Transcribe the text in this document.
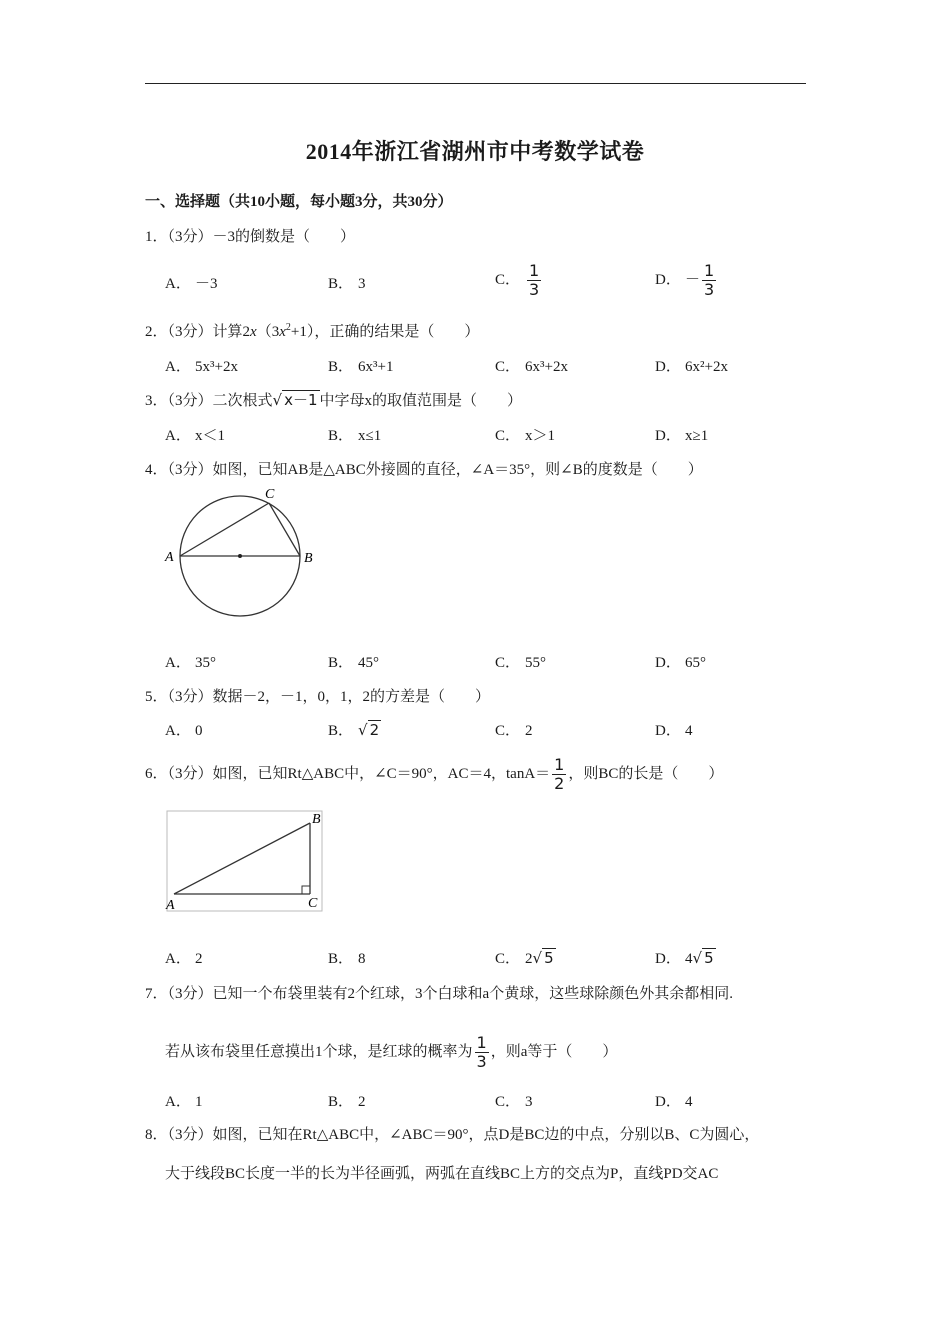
2014年浙江省湖州市中考数学试卷
一、选择题（共10小题，每小题3分，共30分）
1．（3分）－3的倒数是（　　）
A． －3	B． 3	C． $\frac{1}{3}$	D． － $\frac{1}{3}$
2．（3分）计算$2x(3x^2+1)$，正确的结果是（　　）
A． 5x³+2x	B． 6x³+1	C． 6x³+2x	D． 6x²+2x
3．（3分）二次根式√ x－1 中字母x的取值范围是（　　）
A． x＜1	B． x≤1	C． x＞1	D． x≥1
4．（3分）如图，已知AB是△ABC外接圆的直径，∠A＝35°，则∠B的度数是（　　）
A	B
C
A． 35°	B． 45°	C． 55°	D． 65°
5．（3分）数据－2，－1，0，1，2的方差是（　　）
A． 0	B． √ 2	C． 2	D． 4
6．（3分）如图，已知Rt△ABC中，∠C＝90°，AC＝4，$\tan A= \frac{1}{2}$ ，则BC的长是（　　）
A
B
C
A． 2	B． 8	C． 2√ 5	D． 4√ 5
7．（3分）已知一个布袋里装有2个红球，3个白球和a个黄球，这些球除颜色外其余都相同.
若从该布袋里任意摸出1个球，是红球的概率为 $\frac{1}{3}$ ，则a等于（　　）
A． 1	B． 2	C． 3	D． 4
8．（3分）如图，已知在Rt△ABC中，∠ABC＝90°，点D是BC边的中点，分别以B、C为圆心，
大于线段BC长度一半的长为半径画弧，两弧在直线BC上方的交点为P，直线PD交AC
